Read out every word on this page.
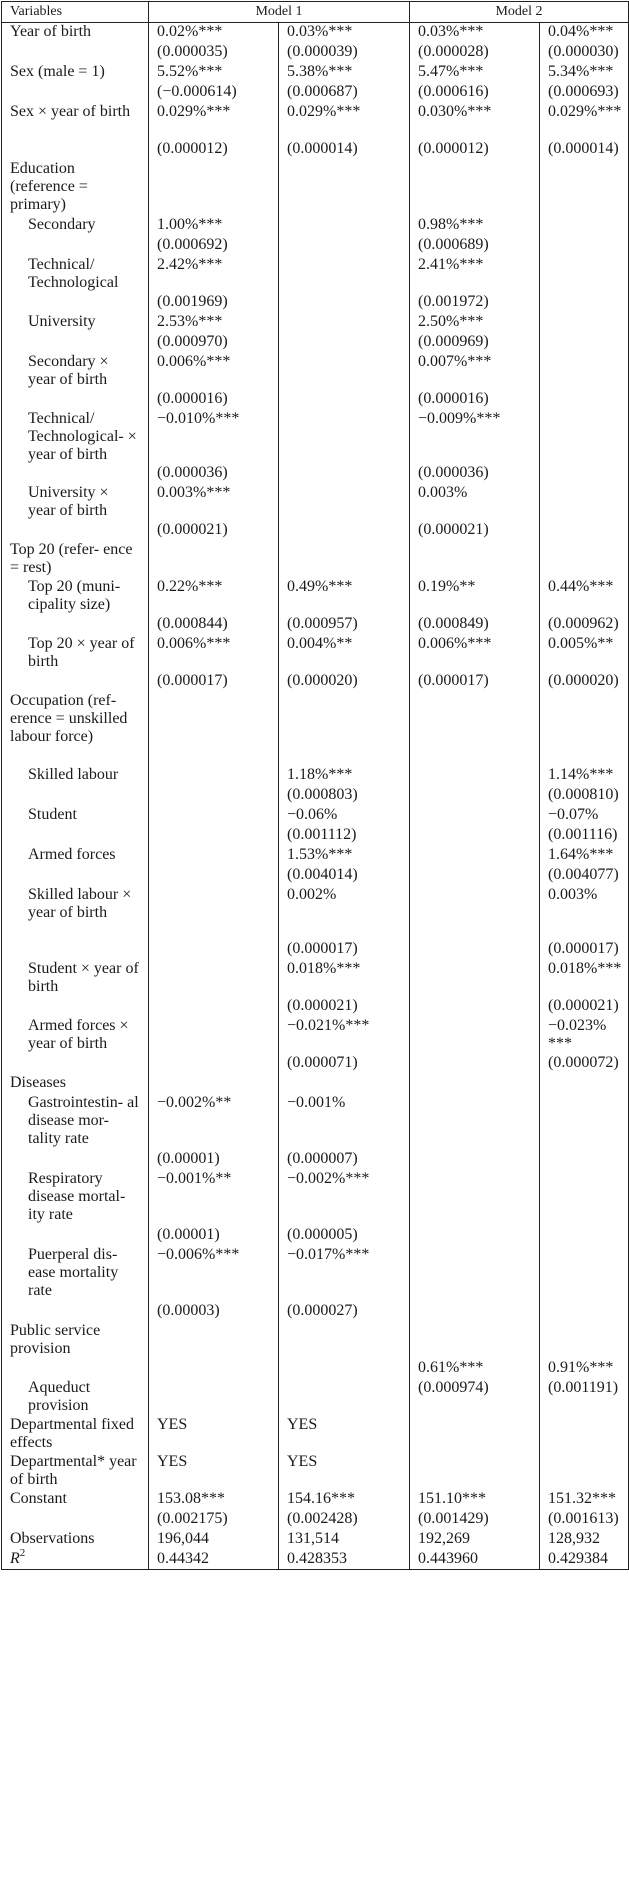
Variables	Model 1		Model 2	
Year of birth	0.02%***	0.03%***	0.03%***	0.04%***
	(0.000035)	(0.000039)	(0.000028)	(0.000030)
Sex (male = 1)	5.52%***	5.38%***	5.47%***	5.34%***
	(−0.000614)	(0.000687)	(0.000616)	(0.000693)
Sex × year of birth	0.029%***	0.029%***	0.030%***	0.029%***
	(0.000012)	(0.000014)	(0.000012)	(0.000014)
Education (reference = primary)				
Secondary	1.00%***		0.98%***	
	(0.000692)		(0.000689)	
Technical/ Technological	2.42%***		2.41%***	
	(0.001969)		(0.001972)	
University	2.53%***		2.50%***	
	(0.000970)		(0.000969)	
Secondary × year of birth	0.006%***		0.007%***	
	(0.000016)		(0.000016)	
Technical/ Technological- × year of birth	−0.010%***		−0.009%***	
	(0.000036)		(0.000036)	
University × year of birth	0.003%***		0.003%	
	(0.000021)		(0.000021)	
Top 20 (refer- ence = rest)				
Top 20 (muni- cipality size)	0.22%***	0.49%***	0.19%**	0.44%***
	(0.000844)	(0.000957)	(0.000849)	(0.000962)
Top 20 × year of birth	0.006%***	0.004%**	0.006%***	0.005%**
	(0.000017)	(0.000020)	(0.000017)	(0.000020)
Occupation (ref- erence = unskilled labour force)				
Skilled labour		1.18%***		1.14%***
		(0.000803)		(0.000810)
Student		−0.06%		−0.07%
		(0.001112)		(0.001116)
Armed forces		1.53%***		1.64%***
		(0.004014)		(0.004077)
Skilled labour × year of birth		0.002%		0.003%
		(0.000017)		(0.000017)
Student × year of birth		0.018%***		0.018%***
		(0.000021)		(0.000021)
Armed forces × year of birth		−0.021%***		−0.023% ***
		(0.000071)		(0.000072)
Diseases				
Gastrointestin- al disease mor- tality rate	−0.002%**	−0.001%		
	(0.00001)	(0.000007)		
Respiratory disease mortal- ity rate	−0.001%**	−0.002%***		
	(0.00001)	(0.000005)		
Puerperal dis- ease mortality rate	−0.006%***	−0.017%***		
	(0.00003)	(0.000027)		
Public service provision				
			0.61%***	0.91%***
Aqueduct provision			(0.000974)	(0.001191)
Departmental fixed effects	YES	YES		
Departmental* year of birth	YES	YES		
Constant	153.08***	154.16***	151.10***	151.32***
	(0.002175)	(0.002428)	(0.001429)	(0.001613)
Observations	196,044	131,514	192,269	128,932
$R^2$	0.44342	0.428353	0.443960	0.429384
